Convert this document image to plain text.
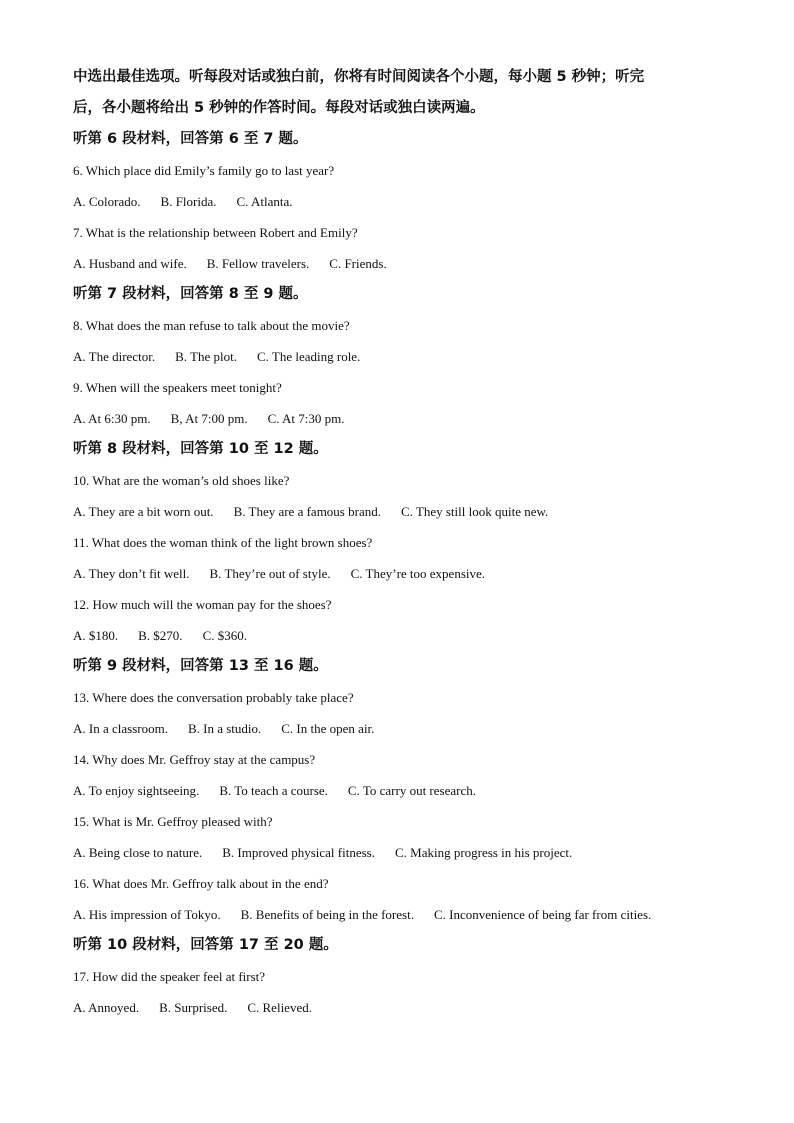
中选出最佳选项。听每段对话或独白前，你将有时间阅读各个小题，每小题 5 秒钟；听完

后，各小题将给出 5 秒钟的作答时间。每段对话或独白读两遍。

听第 6 段材料，回答第 6 至 7 题。

6. Which place did Emily’s family go to last year?

A. Colorado. B. Florida. C. Atlanta.

7. What is the relationship between Robert and Emily?

A. Husband and wife. B. Fellow travelers. C. Friends.

听第 7 段材料，回答第 8 至 9 题。

8. What does the man refuse to talk about the movie?

A. The director. B. The plot. C. The leading role.

9. When will the speakers meet tonight?

A. At 6:30 pm. B, At 7:00 pm. C. At 7:30 pm.

听第 8 段材料，回答第 10 至 12 题。

10. What are the woman’s old shoes like?

A. They are a bit worn out. B. They are a famous brand. C. They still look quite new.

11. What does the woman think of the light brown shoes?

A. They don’t fit well. B. They’re out of style. C. They’re too expensive.

12. How much will the woman pay for the shoes?

A. $180. B. $270. C. $360.

听第 9 段材料，回答第 13 至 16 题。

13. Where does the conversation probably take place?

A. In a classroom. B. In a studio. C. In the open air.

14. Why does Mr. Geffroy stay at the campus?

A. To enjoy sightseeing. B. To teach a course. C. To carry out research.

15. What is Mr. Geffroy pleased with?

A. Being close to nature. B. Improved physical fitness. C. Making progress in his project.

16. What does Mr. Geffroy talk about in the end?

A. His impression of Tokyo. B. Benefits of being in the forest. C. Inconvenience of being far from cities.

听第 10 段材料，回答第 17 至 20 题。

17. How did the speaker feel at first?

A. Annoyed. B. Surprised. C. Relieved.
